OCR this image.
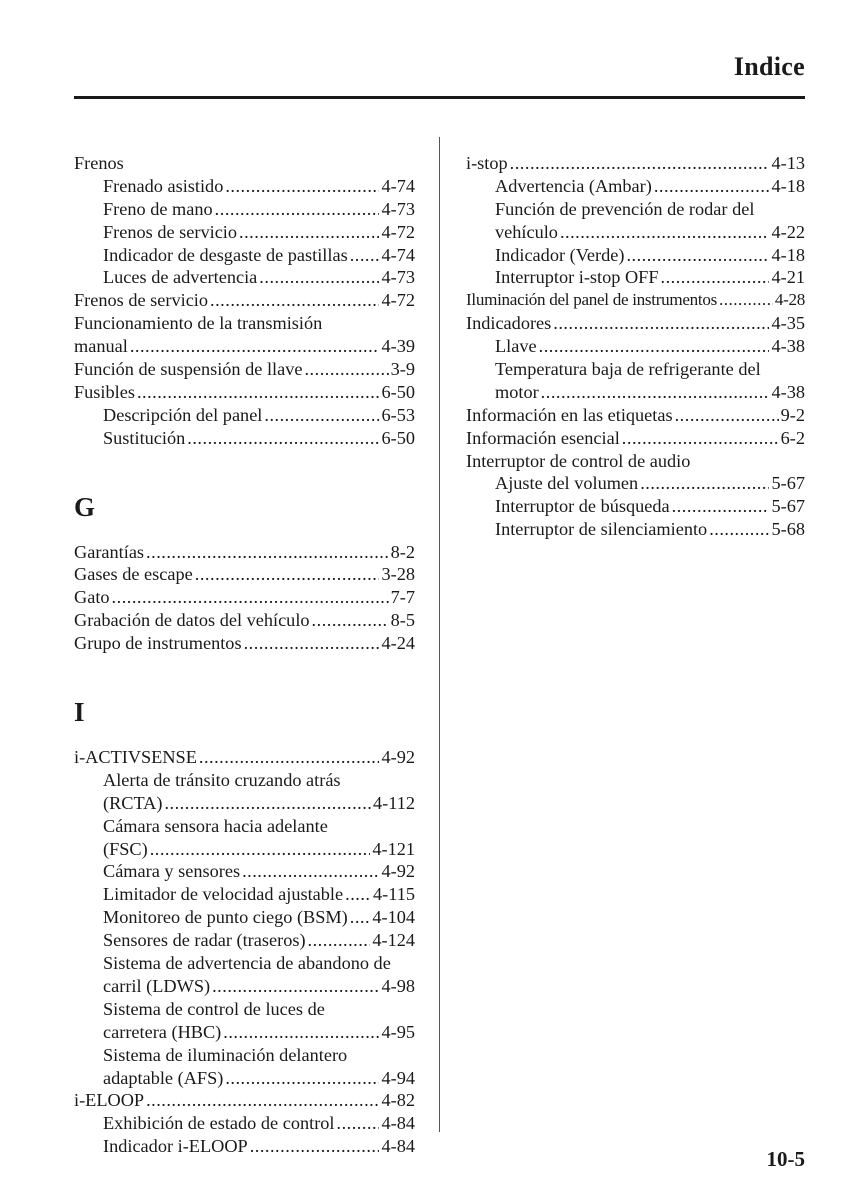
Indice
Frenos
Frenado asistido .....	4-74
Freno de mano .....	4-73
Frenos de servicio .....	4-72
Indicador de desgaste de pastillas ..... 4-74
Luces de advertencia .....	4-73
Frenos de servicio .....	4-72
Funcionamiento de la transmisión
manual .....	4-39
Función de suspensión de llave .....	3-9
Fusibles .....	6-50
Descripción del panel .....	6-53
Sustitución .....	6-50
G
Garantías .....	8-2
Gases de escape .....	3-28
Gato .....	7-7
Grabación de datos del vehículo .....	8-5
Grupo de instrumentos .....	4-24
I
i-ACTIVSENSE .....	4-92
Alerta de tránsito cruzando atrás
(RCTA) .....	4-112
Cámara sensora hacia adelante
(FSC) .....	4-121
Cámara y sensores .....	4-92
Limitador de velocidad ajustable ..... 4-115
Monitoreo de punto ciego (BSM) ..... 4-104
Sensores de radar (traseros) .....	4-124
Sistema de advertencia de abandono de
carril (LDWS) .....	4-98
Sistema de control de luces de
carretera (HBC) .....	4-95
Sistema de iluminación delantero
adaptable (AFS) .....	4-94
i-ELOOP .....	4-82
Exhibición de estado de control .....	4-84
Indicador i-ELOOP .....	4-84
i-stop .....	4-13
Advertencia (Ambar) .....	4-18
Función de prevención de rodar del
vehículo .....	4-22
Indicador (Verde) .....	4-18
Interruptor i-stop OFF .....	4-21
Iluminación del panel de instrumentos .....	4-28
Indicadores .....	4-35
Llave .....	4-38
Temperatura baja de refrigerante del
motor .....	4-38
Información en las etiquetas .....	9-2
Información esencial .....	6-2
Interruptor de control de audio
Ajuste del volumen .....	5-67
Interruptor de búsqueda .....	5-67
Interruptor de silenciamiento .....	5-68
10-5
